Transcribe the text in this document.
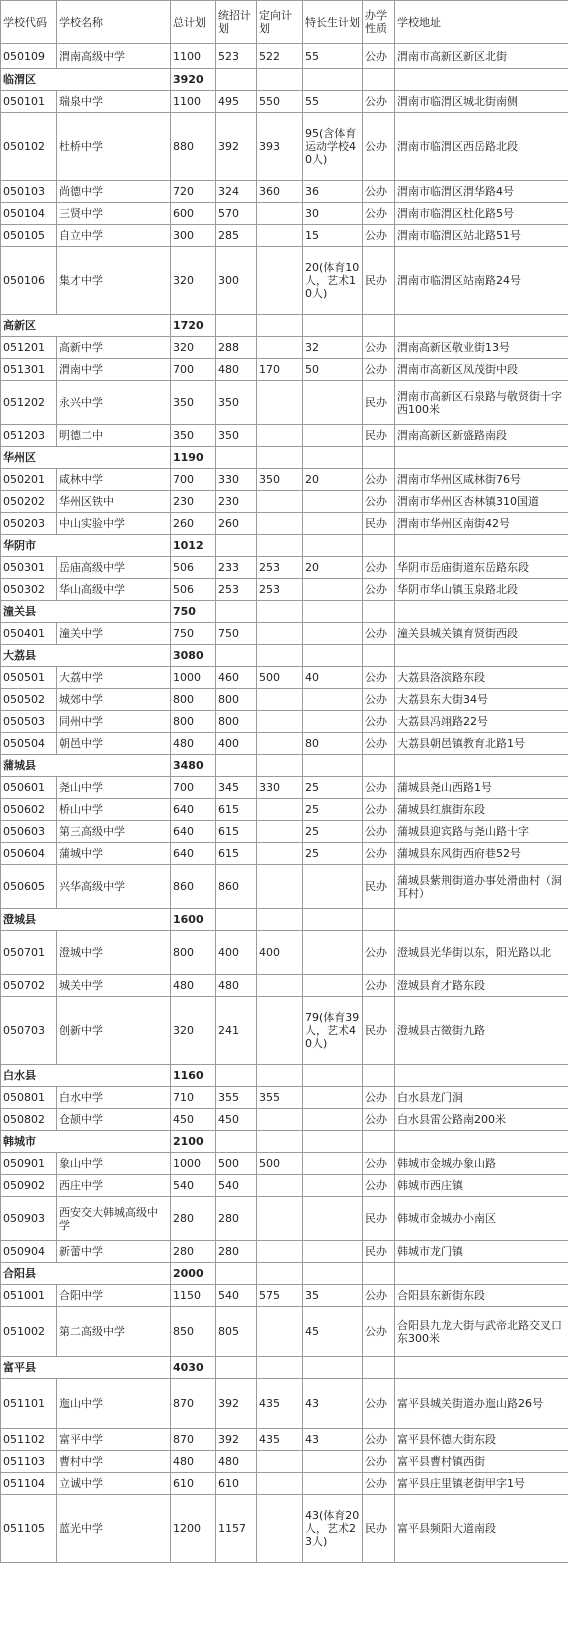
学校代码	学校名称	总计划	统招计划	定向计划	特长生计划	办学性质	学校地址
050109	渭南高级中学	1100	523	522	55	公办	渭南市高新区新区北街
临渭区		3920					
050101	瑞泉中学	1100	495	550	55	公办	渭南市临渭区城北街南侧
050102	杜桥中学	880	392	393	95(含体育运动学校40人)	公办	渭南市临渭区西岳路北段
050103	尚德中学	720	324	360	36	公办	渭南市临渭区渭华路4号
050104	三贤中学	600	570		30	公办	渭南市临渭区杜化路5号
050105	自立中学	300	285		15	公办	渭南市临渭区站北路51号
050106	集才中学	320	300		20(体育10人，艺术10人)	民办	渭南市临渭区站南路24号
高新区		1720					
051201	高新中学	320	288		32	公办	渭南高新区敬业街13号
051301	渭南中学	700	480	170	50	公办	渭南市高新区凤茂街中段
051202	永兴中学	350	350			民办	渭南市高新区石泉路与敬贤街十字西100米
051203	明德二中	350	350			民办	渭南高新区新盛路南段
华州区		1190					
050201	咸林中学	700	330	350	20	公办	渭南市华州区咸林街76号
050202	华州区铁中	230	230			公办	渭南市华州区杏林镇310国道
050203	中山实验中学	260	260			民办	渭南市华州区南街42号
华阴市		1012					
050301	岳庙高级中学	506	233	253	20	公办	华阴市岳庙街道东岳路东段
050302	华山高级中学	506	253	253		公办	华阴市华山镇玉泉路北段
潼关县		750					
050401	潼关中学	750	750			公办	潼关县城关镇育贤街西段
大荔县		3080					
050501	大荔中学	1000	460	500	40	公办	大荔县洛滨路东段
050502	城郊中学	800	800			公办	大荔县东大街34号
050503	同州中学	800	800			公办	大荔县冯翊路22号
050504	朝邑中学	480	400		80	公办	大荔县朝邑镇教育北路1号
蒲城县		3480					
050601	尧山中学	700	345	330	25	公办	蒲城县尧山西路1号
050602	桥山中学	640	615		25	公办	蒲城县红旗街东段
050603	第三高级中学	640	615		25	公办	蒲城县迎宾路与尧山路十字
050604	蒲城中学	640	615		25	公办	蒲城县东风街西府巷52号
050605	兴华高级中学	860	860			民办	蒲城县紫荆街道办事处滑曲村（洞耳村）
澄城县		1600					
050701	澄城中学	800	400	400		公办	澄城县光华街以东，阳光路以北
050702	城关中学	480	480			公办	澄城县育才路东段
050703	创新中学	320	241		79(体育39人，艺术40人)	民办	澄城县古徵街九路
白水县		1160					
050801	白水中学	710	355	355		公办	白水县龙门洞
050802	仓颉中学	450	450			公办	白水县雷公路南200米
韩城市		2100					
050901	象山中学	1000	500	500		公办	韩城市金城办象山路
050902	西庄中学	540	540			公办	韩城市西庄镇
050903	西安交大韩城高级中学	280	280			民办	韩城市金城办小南区
050904	新蕾中学	280	280			民办	韩城市龙门镇
合阳县		2000					
051001	合阳中学	1150	540	575	35	公办	合阳县东新街东段
051002	第二高级中学	850	805		45	公办	合阳县九龙大街与武帝北路交叉口东300米
富平县		4030					
051101	迤山中学	870	392	435	43	公办	富平县城关街道办迤山路26号
051102	富平中学	870	392	435	43	公办	富平县怀德大街东段
051103	曹村中学	480	480			公办	富平县曹村镇西街
051104	立诚中学	610	610			公办	富平县庄里镇老街甲字1号
051105	蓝光中学	1200	1157		43(体育20人，艺术23人)	民办	富平县频阳大道南段
